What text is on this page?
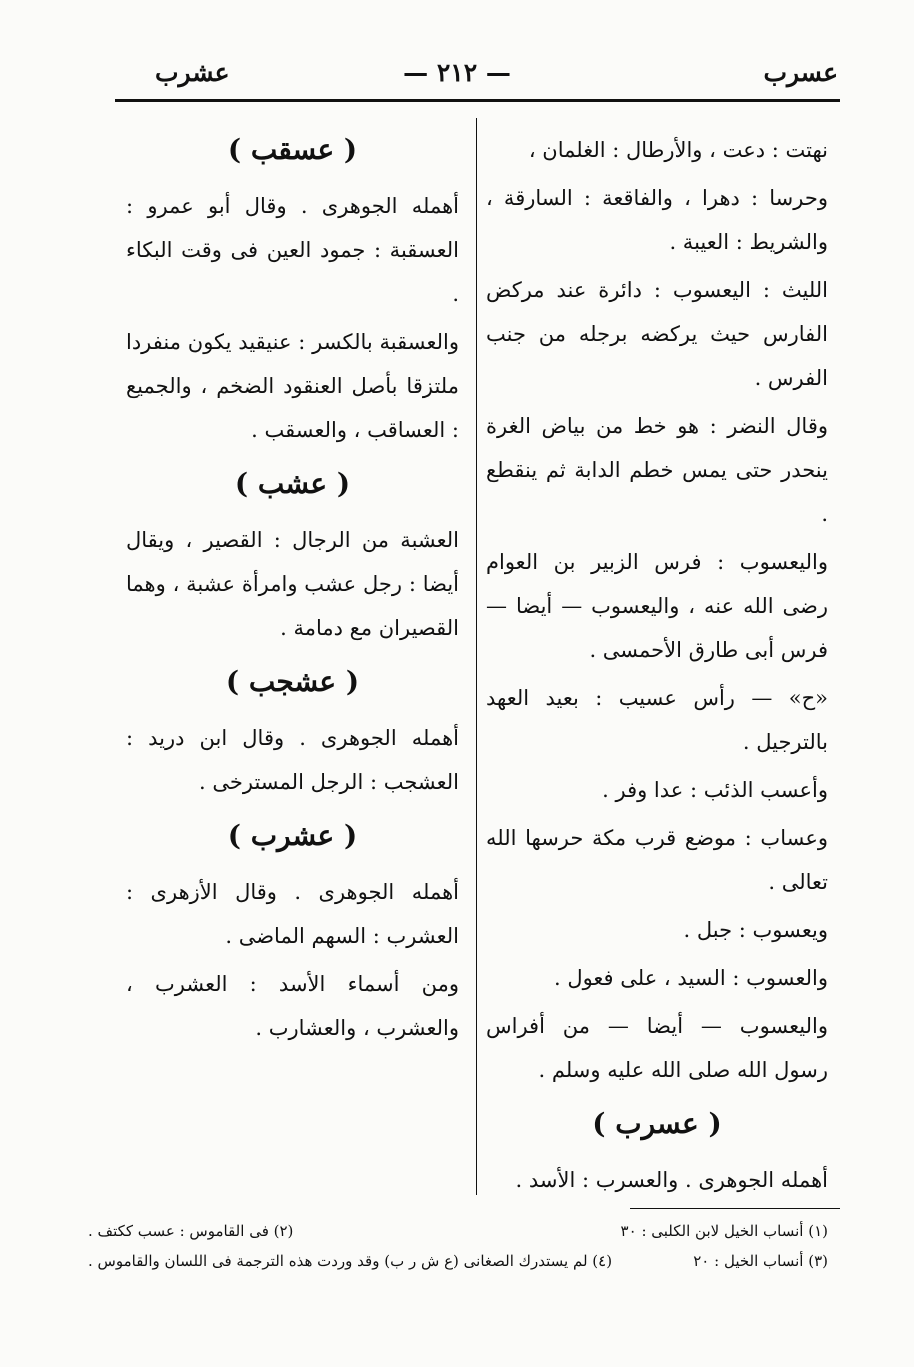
عسرب
— ٢١٢ —
عشرب

نهتت : دعت ، والأرطال : الغلمان ،

وحرسا : دهرا ، والفاقعة : السارقة ، والشريط : العيبة .

الليث : اليعسوب : دائرة عند مركض الفارس حيث يركضه برجله من جنب الفرس .

وقال النضر : هو خط من بياض الغرة ينحدر حتى يمس خطم الدابة ثم ينقطع .

واليعسوب : فرس الزبير بن العوام رضى الله عنه ، واليعسوب — أيضا — فرس أبى طارق الأحمسى .

«ح» — رأس عسيب : بعيد العهد بالترجيل .

وأعسب الذئب : عدا وفر .

وعساب : موضع قرب مكة حرسها الله تعالى .

ويعسوب : جبل .

والعسوب : السيد ، على فعول .

واليعسوب — أيضا — من أفراس رسول الله صلى الله عليه وسلم .

( عسرب )

أهمله الجوهرى . والعسرب : الأسد .

( عسقب )

أهمله الجوهرى . وقال أبو عمرو : العسقبة : جمود العين فى وقت البكاء .

والعسقبة بالكسر : عنيقيد يكون منفردا ملتزقا بأصل العنقود الضخم ، والجميع : العساقب ، والعسقب .

( عشب )

العشبة من الرجال : القصير ، ويقال أيضا : رجل عشب وامرأة عشبة ، وهما القصيران مع دمامة .

( عشجب )

أهمله الجوهرى . وقال ابن دريد : العشجب : الرجل المسترخى .

( عشرب )

أهمله الجوهرى . وقال الأزهرى : العشرب : السهم الماضى .

ومن أسماء الأسد : العشرب ، والعشرب ، والعشارب .

(١) أنساب الخيل لابن الكلبى : ٣٠
(٢) فى القاموس : عسب ككتف .
(٣) أنساب الخيل : ٢٠
(٤) لم يستدرك الصغانى (ع ش ر ب) وقد وردت هذه الترجمة فى اللسان والقاموس .
